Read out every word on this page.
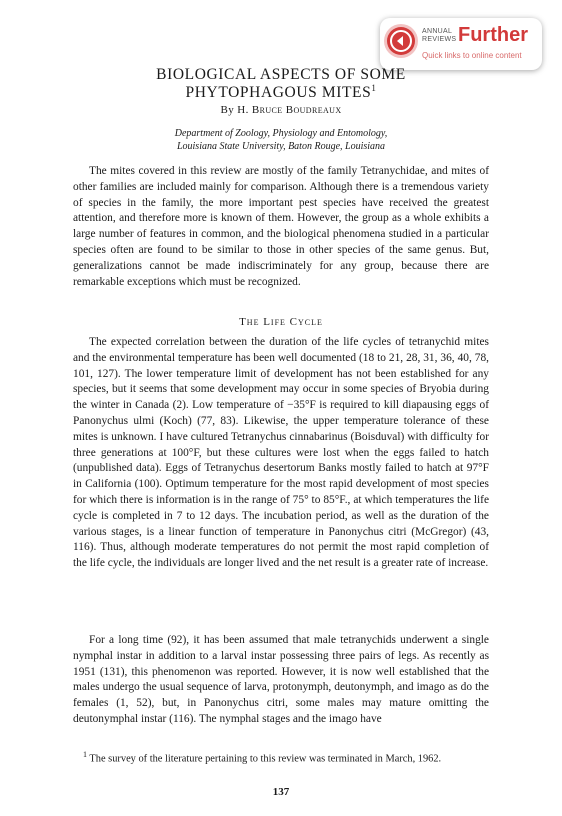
ANNUAL
REVIEWS Further
Quick links to online content
BIOLOGICAL ASPECTS OF SOME
PHYTOPHAGOUS MITES$^1$
By H. Bruce Boudreaux
Department of Zoology, Physiology and Entomology,
Louisiana State University, Baton Rouge, Louisiana

The mites covered in this review are mostly of the family Tetranychidae, and mites of other families are included mainly for comparison. Although there is a tremendous variety of species in the family, the more important pest species have received the greatest attention, and therefore more is known of them. However, the group as a whole exhibits a large number of features in common, and the biological phenomena studied in a particular species often are found to be similar to those in other species of the same genus. But, generalizations cannot be made indiscriminately for any group, because there are remarkable exceptions which must be recognized.

The Life Cycle

The expected correlation between the duration of the life cycles of tetranychid mites and the environmental temperature has been well documented (18 to 21, 28, 31, 36, 40, 78, 101, 127). The lower temperature limit of development has not been established for any species, but it seems that some development may occur in some species of Bryobia during the winter in Canada (2). Low temperature of −35°F is required to kill diapausing eggs of Panonychus ulmi (Koch) (77, 83). Likewise, the upper temperature tolerance of these mites is unknown. I have cultured Tetranychus cinnabarinus (Boisduval) with difficulty for three generations at 100°F, but these cultures were lost when the eggs failed to hatch (unpublished data). Eggs of Tetranychus desertorum Banks mostly failed to hatch at 97°F in California (100). Optimum temperature for the most rapid development of most species for which there is information is in the range of 75° to 85°F., at which temperatures the life cycle is completed in 7 to 12 days. The incubation period, as well as the duration of the various stages, is a linear function of temperature in Panonychus citri (McGregor) (43, 116). Thus, although moderate temperatures do not permit the most rapid completion of the life cycle, the individuals are longer lived and the net result is a greater rate of increase.

For a long time (92), it has been assumed that male tetranychids underwent a single nymphal instar in addition to a larval instar possessing three pairs of legs. As recently as 1951 (131), this phenomenon was reported. However, it is now well established that the males undergo the usual sequence of larva, protonymph, deutonymph, and imago as do the females (1, 52), but, in Panonychus citri, some males may mature omitting the deutonymphal instar (116). The nymphal stages and the imago have

$^1$ The survey of the literature pertaining to this review was terminated in March, 1962.
137
